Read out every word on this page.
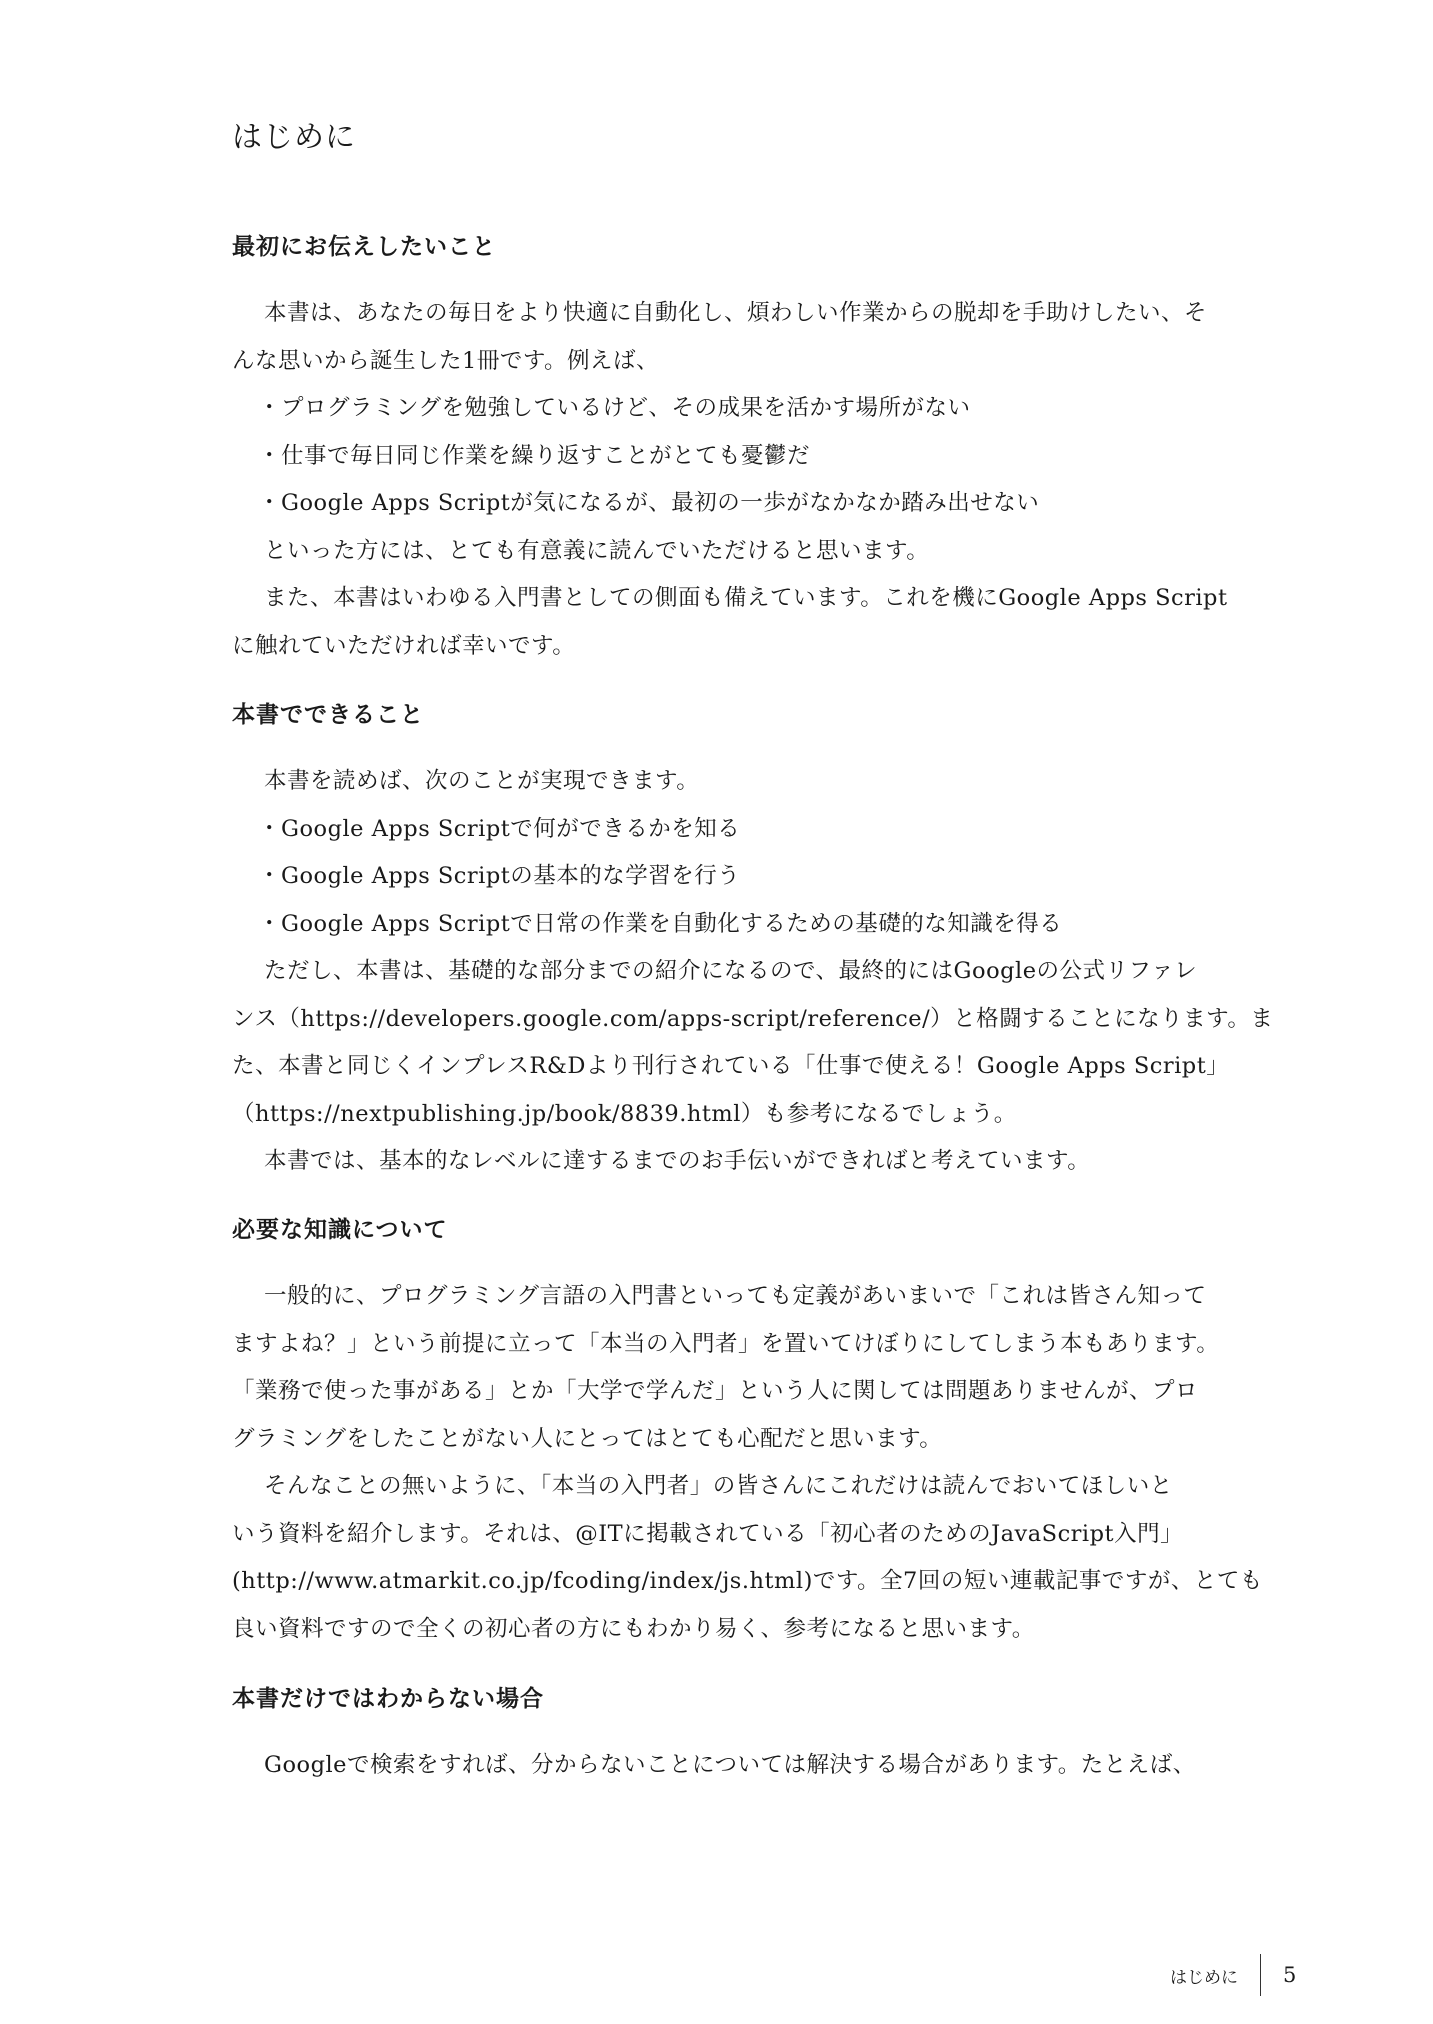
はじめに
最初にお伝えしたいこと

本書は、あなたの毎日をより快適に自動化し、煩わしい作業からの脱却を手助けしたい、そ

んな思いから誕生した1冊です。例えば、

・プログラミングを勉強しているけど、その成果を活かす場所がない

・仕事で毎日同じ作業を繰り返すことがとても憂鬱だ

・Google Apps Scriptが気になるが、最初の一歩がなかなか踏み出せない

といった方には、とても有意義に読んでいただけると思います。

また、本書はいわゆる入門書としての側面も備えています。これを機にGoogle Apps Script

に触れていただければ幸いです。

本書でできること

本書を読めば、次のことが実現できます。

・Google Apps Scriptで何ができるかを知る

・Google Apps Scriptの基本的な学習を行う

・Google Apps Scriptで日常の作業を自動化するための基礎的な知識を得る

ただし、本書は、基礎的な部分までの紹介になるので、最終的にはGoogleの公式リファレ

ンス（https://developers.google.com/apps-script/reference/）と格闘することになります。ま

た、本書と同じくインプレスR&Dより刊行されている「仕事で使える！Google Apps Script」

（https://nextpublishing.jp/book/8839.html）も参考になるでしょう。

本書では、基本的なレベルに達するまでのお手伝いができればと考えています。

必要な知識について

一般的に、プログラミング言語の入門書といっても定義があいまいで「これは皆さん知って

ますよね？」という前提に立って「本当の入門者」を置いてけぼりにしてしまう本もあります。

「業務で使った事がある」とか「大学で学んだ」という人に関しては問題ありませんが、プロ

グラミングをしたことがない人にとってはとても心配だと思います。

そんなことの無いように、「本当の入門者」の皆さんにこれだけは読んでおいてほしいと

いう資料を紹介します。それは、@ITに掲載されている「初心者のためのJavaScript入門」

(http://www.atmarkit.co.jp/fcoding/index/js.html)です。全7回の短い連載記事ですが、とても

良い資料ですので全くの初心者の方にもわかり易く、参考になると思います。

本書だけではわからない場合

Googleで検索をすれば、分からないことについては解決する場合があります。たとえば、

はじめに 5
